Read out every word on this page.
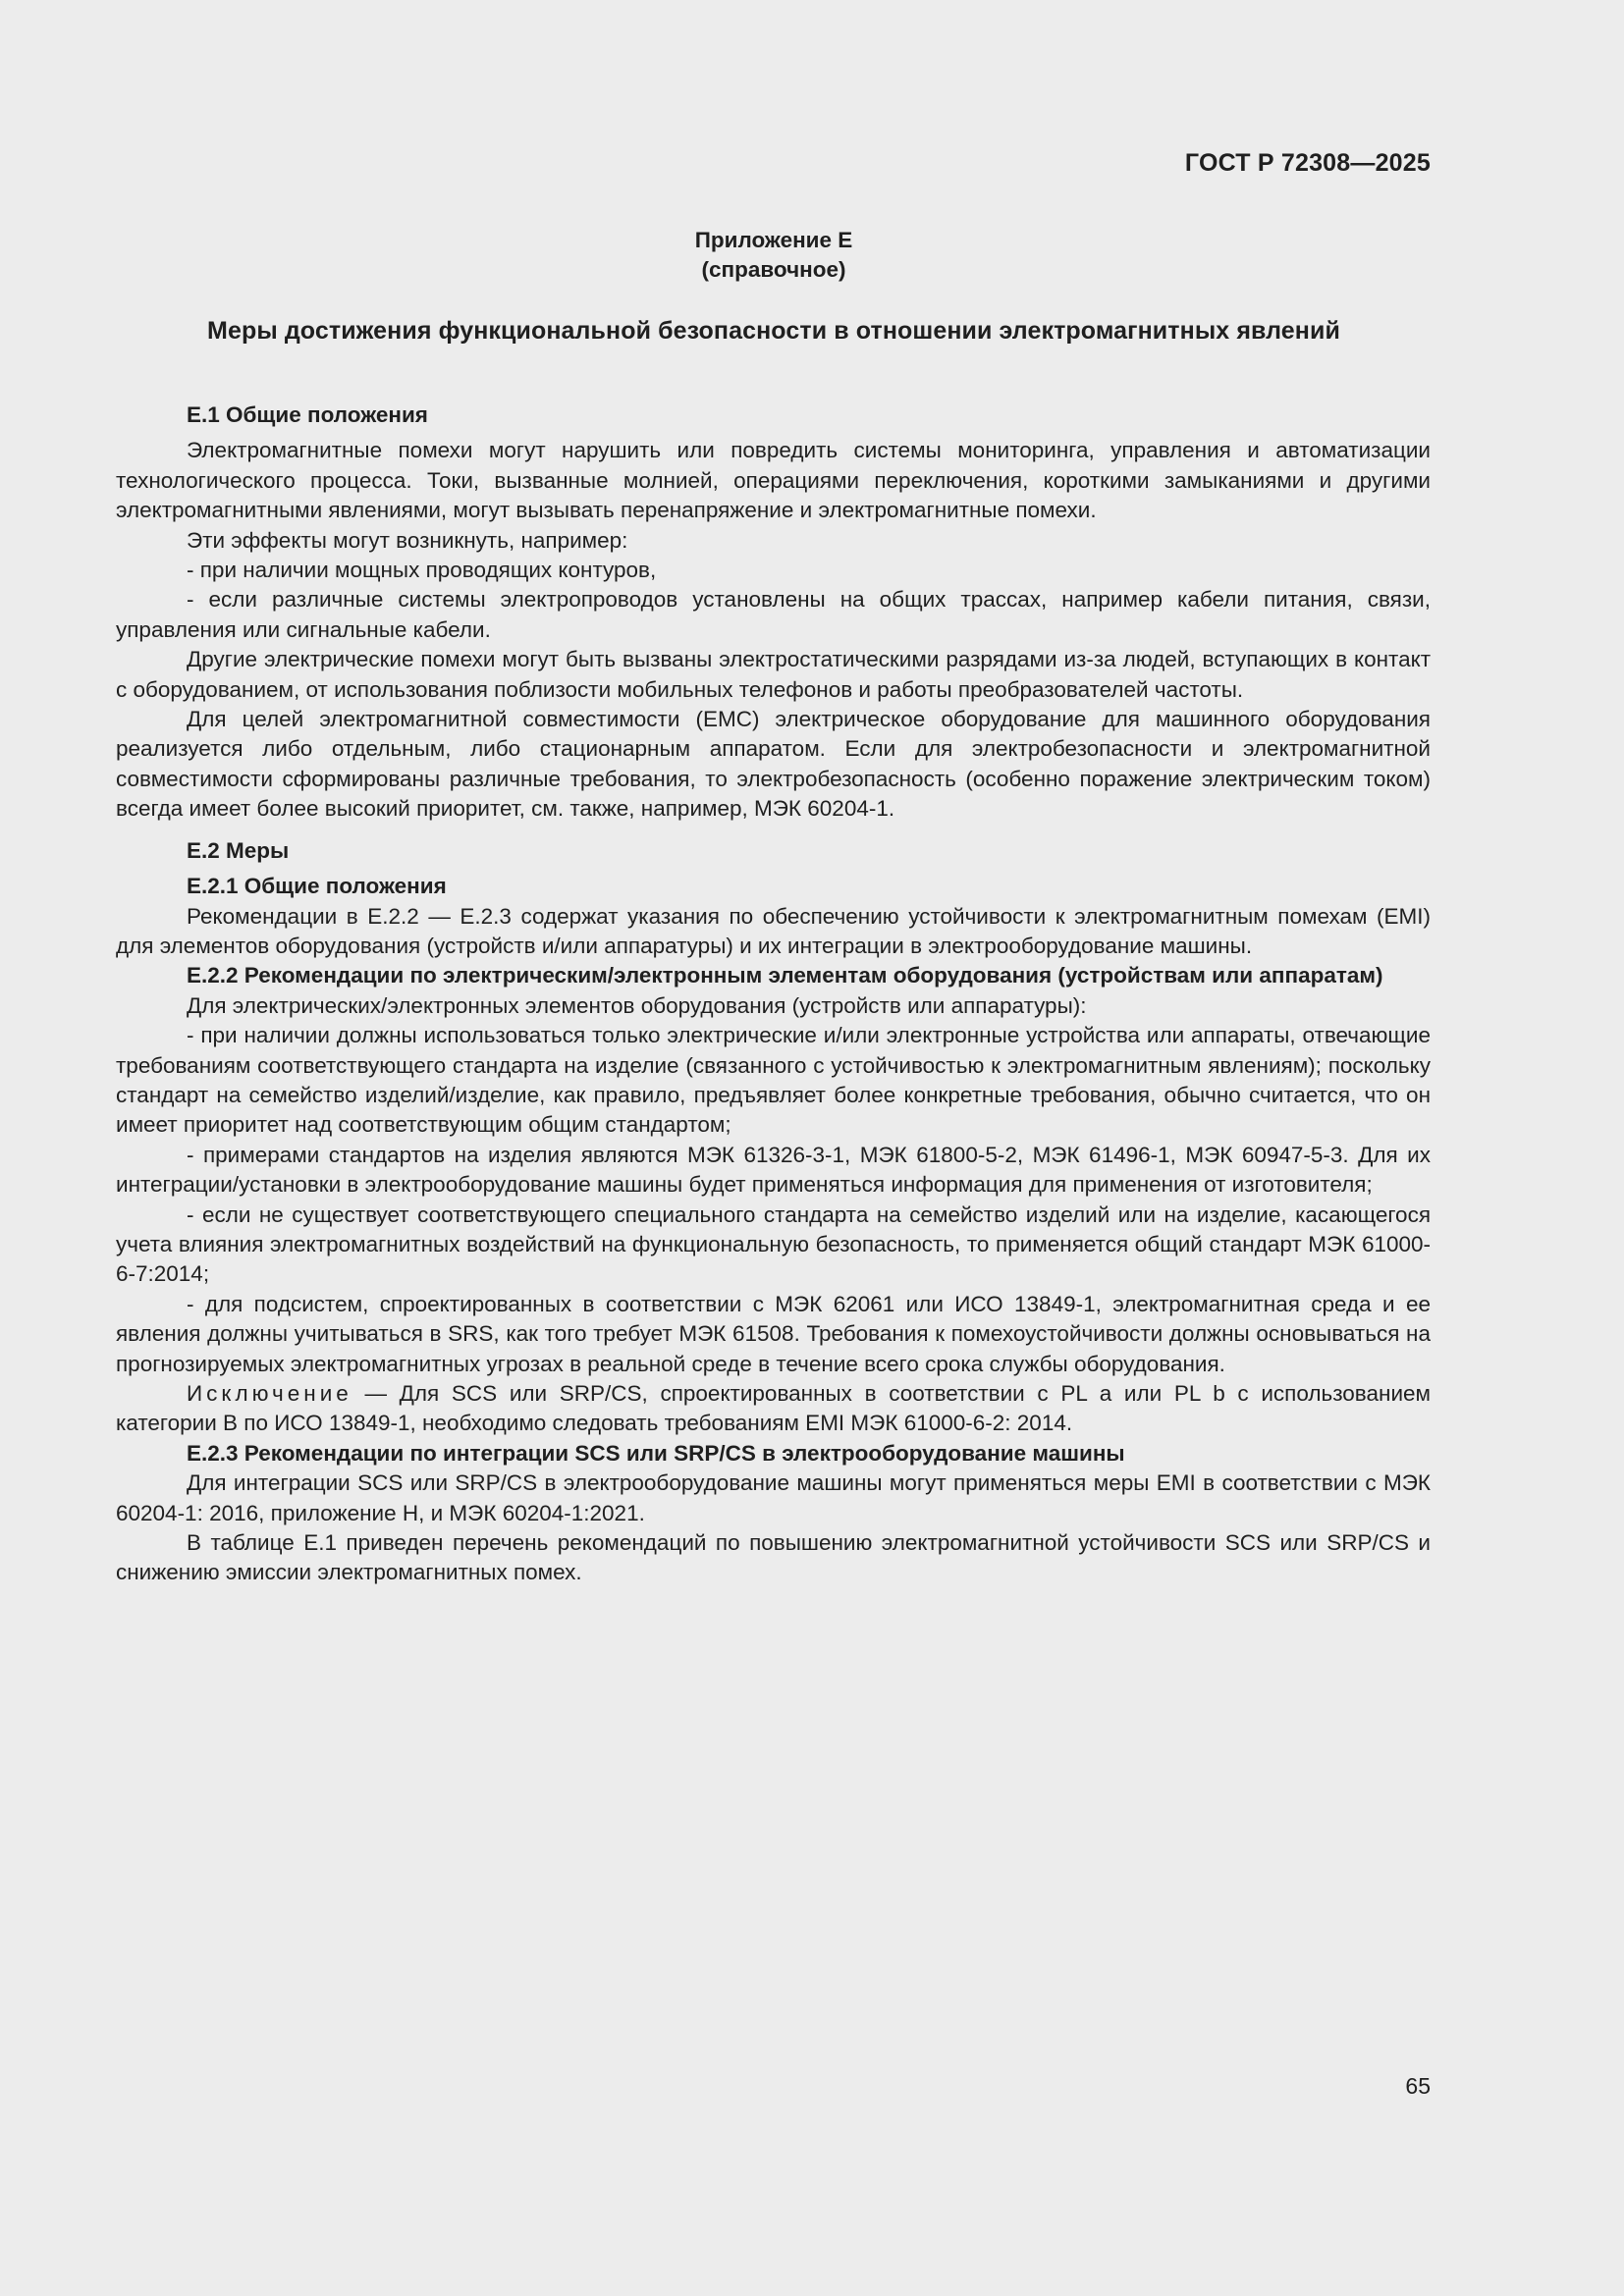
ГОСТ Р 72308—2025
Приложение Е
(справочное)
Меры достижения функциональной безопасности в отношении электромагнитных явлений

Е.1 Общие положения

Электромагнитные помехи могут нарушить или повредить системы мониторинга, управления и автоматизации технологического процесса. Токи, вызванные молнией, операциями переключения, короткими замыканиями и другими электромагнитными явлениями, могут вызывать перенапряжение и электромагнитные помехи.

Эти эффекты могут возникнуть, например:

- при наличии мощных проводящих контуров,

- если различные системы электропроводов установлены на общих трассах, например кабели питания, связи, управления или сигнальные кабели.

Другие электрические помехи могут быть вызваны электростатическими разрядами из-за людей, вступающих в контакт с оборудованием, от использования поблизости мобильных телефонов и работы преобразователей частоты.

Для целей электромагнитной совместимости (EMC) электрическое оборудование для машинного оборудования реализуется либо отдельным, либо стационарным аппаратом. Если для электробезопасности и электромагнитной совместимости сформированы различные требования, то электробезопасность (особенно поражение электрическим током) всегда имеет более высокий приоритет, см. также, например, МЭК 60204-1.

Е.2 Меры

Е.2.1 Общие положения

Рекомендации в Е.2.2 — Е.2.3 содержат указания по обеспечению устойчивости к электромагнитным помехам (EMI) для элементов оборудования (устройств и/или аппаратуры) и их интеграции в электрооборудование машины.

Е.2.2 Рекомендации по электрическим/электронным элементам оборудования (устройствам или аппаратам)

Для электрических/электронных элементов оборудования (устройств или аппаратуры):

- при наличии должны использоваться только электрические и/или электронные устройства или аппараты, отвечающие требованиям соответствующего стандарта на изделие (связанного с устойчивостью к электромагнитным явлениям); поскольку стандарт на семейство изделий/изделие, как правило, предъявляет более конкретные требования, обычно считается, что он имеет приоритет над соответствующим общим стандартом;

- примерами стандартов на изделия являются МЭК 61326-3-1, МЭК 61800-5-2, МЭК 61496-1, МЭК 60947-5-3. Для их интеграции/установки в электрооборудование машины будет применяться информация для применения от изготовителя;

- если не существует соответствующего специального стандарта на семейство изделий или на изделие, касающегося учета влияния электромагнитных воздействий на функциональную безопасность, то применяется общий стандарт МЭК 61000-6-7:2014;

- для подсистем, спроектированных в соответствии с МЭК 62061 или ИСО 13849-1, электромагнитная среда и ее явления должны учитываться в SRS, как того требует МЭК 61508. Требования к помехоустойчивости должны основываться на прогнозируемых электромагнитных угрозах в реальной среде в течение всего срока службы оборудования.

Исключение — Для SCS или SRP/CS, спроектированных в соответствии с PL a или PL b с использованием категории В по ИСО 13849-1, необходимо следовать требованиям EMI МЭК 61000-6-2: 2014.

Е.2.3 Рекомендации по интеграции SCS или SRP/CS в электрооборудование машины

Для интеграции SCS или SRP/CS в электрооборудование машины могут применяться меры EMI в соответствии с МЭК 60204-1: 2016, приложение H, и МЭК 60204-1:2021.

В таблице Е.1 приведен перечень рекомендаций по повышению электромагнитной устойчивости SCS или SRP/CS и снижению эмиссии электромагнитных помех.

65
